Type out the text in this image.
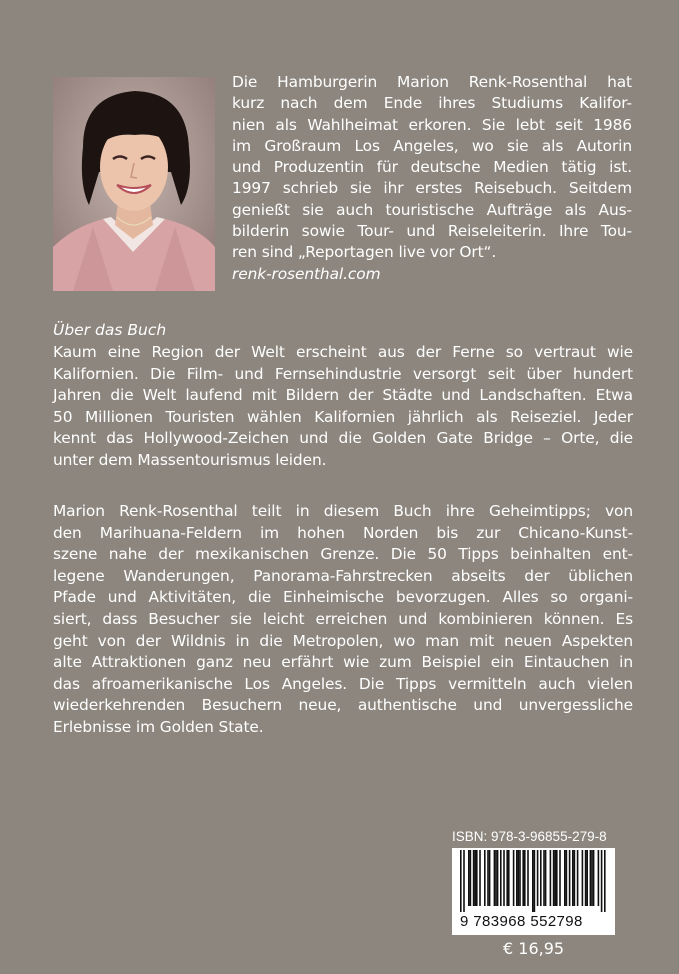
Die Hamburgerin Marion Renk-Rosenthal hat
kurz nach dem Ende ihres Studiums Kalifor-
nien als Wahlheimat erkoren. Sie lebt seit 1986
im Großraum Los Angeles, wo sie als Autorin
und Produzentin für deutsche Medien tätig ist.
1997 schrieb sie ihr erstes Reisebuch. Seitdem
genießt sie auch touristische Aufträge als Aus-
bilderin sowie Tour- und Reiseleiterin. Ihre Tou-
ren sind „Reportagen live vor Ort“.
renk-rosenthal.com
Über das Buch
Kaum eine Region der Welt erscheint aus der Ferne so vertraut wie
Kalifornien. Die Film- und Fernsehindustrie versorgt seit über hundert
Jahren die Welt laufend mit Bildern der Städte und Landschaften. Etwa
50 Millionen Touristen wählen Kalifornien jährlich als Reiseziel. Jeder
kennt das Hollywood-Zeichen und die Golden Gate Bridge – Orte, die
unter dem Massentourismus leiden.
Marion Renk-Rosenthal teilt in diesem Buch ihre Geheimtipps; von
den Marihuana-Feldern im hohen Norden bis zur Chicano-Kunst-
szene nahe der mexikanischen Grenze. Die 50 Tipps beinhalten ent-
legene Wanderungen, Panorama-Fahrstrecken abseits der üblichen
Pfade und Aktivitäten, die Einheimische bevorzugen. Alles so organi-
siert, dass Besucher sie leicht erreichen und kombinieren können. Es
geht von der Wildnis in die Metropolen, wo man mit neuen Aspekten
alte Attraktionen ganz neu erfährt wie zum Beispiel ein Eintauchen in
das afroamerikanische Los Angeles. Die Tipps vermitteln auch vielen
wiederkehrenden Besuchern neue, authentische und unvergessliche
Erlebnisse im Golden State.
ISBN: 978-3-96855-279-8
9 783968 552798
€ 16,95
